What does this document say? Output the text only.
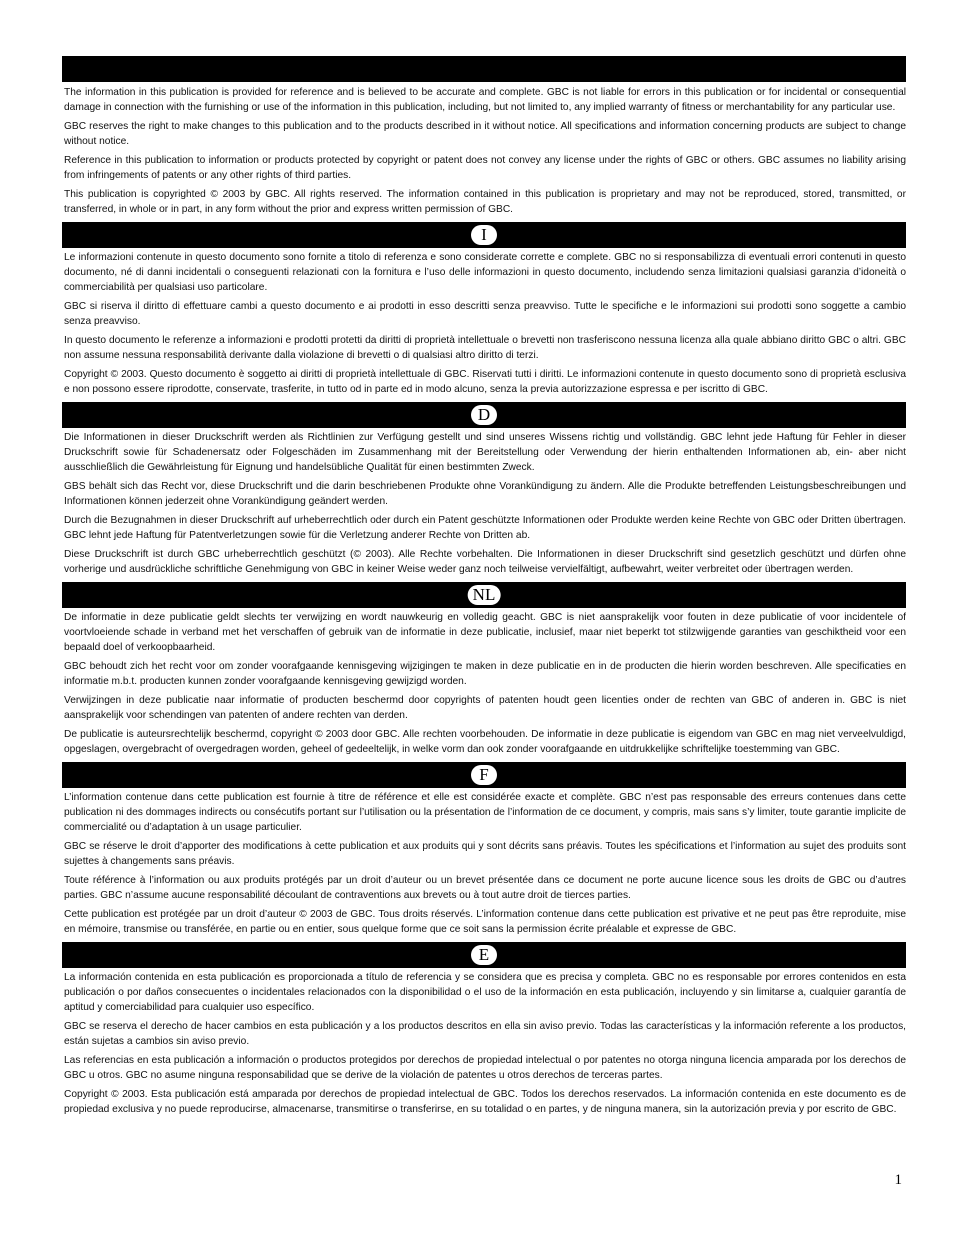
The information in this publication is provided for reference and is believed to be accurate and complete. GBC is not liable for errors in this publication or for incidental or consequential damage in connection with the furnishing or use of the information in this publication, including, but not limited to, any implied warranty of fitness or merchantability for any particular use.

GBC reserves the right to make changes to this publication and to the products described in it without notice. All specifications and information concerning products are subject to change without notice.

Reference in this publication to information or products protected by copyright or patent does not convey any license under the rights of GBC or others. GBC assumes no liability arising from infringements of patents or any other rights of third parties.

This publication is copyrighted © 2003 by GBC. All rights reserved. The information contained in this publication is proprietary and may not be reproduced, stored, transmitted, or transferred, in whole or in part, in any form without the prior and express written permission of GBC.

I

Le informazioni contenute in questo documento sono fornite a titolo di referenza e sono considerate corrette e complete. GBC no si responsabilizza di eventuali errori contenuti in questo documento, né di danni incidentali o conseguenti relazionati con la fornitura e l’uso delle informazioni in questo documento, includendo senza limitazioni qualsiasi garanzia d’idoneità o commerciabilità per qualsiasi uso particolare.

GBC si riserva il diritto di effettuare cambi a questo documento e ai prodotti in esso descritti senza preavviso. Tutte le specifiche e le informazioni sui prodotti sono soggette a cambio senza preavviso.

In questo documento le referenze a informazioni e prodotti protetti da diritti di proprietà intellettuale o brevetti non trasferiscono nessuna licenza alla quale abbiano diritto GBC o altri. GBC non assume nessuna responsabilità derivante dalla violazione di brevetti o di qualsiasi altro diritto di terzi.

Copyright © 2003. Questo documento è soggetto ai diritti di proprietà intellettuale di GBC. Riservati tutti i diritti. Le informazioni contenute in questo documento sono di proprietà esclusiva e non possono essere riprodotte, conservate, trasferite, in tutto od in parte ed in modo alcuno, senza la previa autorizzazione espressa e per iscritto di GBC.

D

Die Informationen in dieser Druckschrift werden als Richtlinien zur Verfügung gestellt und sind unseres Wissens richtig und vollständig. GBC lehnt jede Haftung für Fehler in dieser Druckschrift sowie für Schadenersatz oder Folgeschäden im Zusammenhang mit der Bereitstellung oder Verwendung der hierin enthaltenden Informationen ab, ein- aber nicht ausschließlich die Gewährleistung für Eignung und handelsübliche Qualität für einen bestimmten Zweck.

GBS behält sich das Recht vor, diese Druckschrift und die darin beschriebenen Produkte ohne Vorankündigung zu ändern. Alle die Produkte betreffenden Leistungsbeschreibungen und Informationen können jederzeit ohne Vorankündigung geändert werden.

Durch die Bezugnahmen in dieser Druckschrift auf urheberrechtlich oder durch ein Patent geschützte Informationen oder Produkte werden keine Rechte von GBC oder Dritten übertragen. GBC lehnt jede Haftung für Patentverletzungen sowie für die Verletzung anderer Rechte von Dritten ab.

Diese Druckschrift ist durch GBC urheberrechtlich geschützt (© 2003). Alle Rechte vorbehalten. Die Informationen in dieser Druckschrift sind gesetzlich geschützt und dürfen ohne vorherige und ausdrückliche schriftliche Genehmigung von GBC in keiner Weise weder ganz noch teilweise vervielfältigt, aufbewahrt, weiter verbreitet oder übertragen werden.

NL

De informatie in deze publicatie geldt slechts ter verwijzing en wordt nauwkeurig en volledig geacht. GBC is niet aansprakelijk voor fouten in deze publicatie of voor incidentele of voortvloeiende schade in verband met het verschaffen of gebruik van de informatie in deze publicatie, inclusief, maar niet beperkt tot stilzwijgende garanties van geschiktheid voor een bepaald doel of verkoopbaarheid.

GBC behoudt zich het recht voor om zonder voorafgaande kennisgeving wijzigingen te maken in deze publicatie en in de producten die hierin worden beschreven. Alle specificaties en informatie m.b.t. producten kunnen zonder voorafgaande kennisgeving gewijzigd worden.

Verwijzingen in deze publicatie naar informatie of producten beschermd door copyrights of patenten houdt geen licenties onder de rechten van GBC of anderen in. GBC is niet aansprakelijk voor schendingen van patenten of andere rechten van derden.

De publicatie is auteursrechtelijk beschermd, copyright © 2003 door GBC. Alle rechten voorbehouden. De informatie in deze publicatie is eigendom van GBC en mag niet verveelvuldigd, opgeslagen, overgebracht of overgedragen worden, geheel of gedeeltelijk, in welke vorm dan ook zonder voorafgaande en uitdrukkelijke schriftelijke toestemming van GBC.

F

L’information contenue dans cette publication est fournie à titre de référence et elle est considérée exacte et complète. GBC n’est pas responsable des erreurs contenues dans cette publication ni des dommages indirects ou consécutifs portant sur l’utilisation ou la présentation de l’information de ce document, y compris, mais sans s’y limiter, toute garantie implicite de commercialité ou d’adaptation à un usage particulier.

GBC se réserve le droit d’apporter des modifications à cette publication et aux produits qui y sont décrits sans préavis. Toutes les spécifications et l’information au sujet des produits sont sujettes à changements sans préavis.

Toute référence à l’information ou aux produits protégés par un droit d’auteur ou un brevet présentée dans ce document ne porte aucune licence sous les droits de GBC ou d’autres parties. GBC n’assume aucune responsabilité découlant de contraventions aux brevets ou à tout autre droit de tierces parties.

Cette publication est protégée par un droit d’auteur © 2003 de GBC. Tous droits réservés. L’information contenue dans cette publication est privative et ne peut pas être reproduite, mise en mémoire, transmise ou transférée, en partie ou en entier, sous quelque forme que ce soit sans la permission écrite préalable et expresse de GBC.

E

La información contenida en esta publicación es proporcionada a título de referencia y se considera que es precisa y completa. GBC no es responsable por errores contenidos en esta publicación o por daños consecuentes o incidentales relacionados con la disponibilidad o el uso de la información en esta publicación, incluyendo y sin limitarse a, cualquier garantía de aptitud y comerciabilidad para cualquier uso específico.

GBC se reserva el derecho de hacer cambios en esta publicación y a los productos descritos en ella sin aviso previo. Todas las características y la información referente a los productos, están sujetas a cambios sin aviso previo.

Las referencias en esta publicación a información o productos protegidos por derechos de propiedad intelectual o por patentes no otorga ninguna licencia amparada por los derechos de GBC u otros. GBC no asume ninguna responsabilidad que se derive de la violación de patentes u otros derechos de terceras partes.

Copyright © 2003. Esta publicación está amparada por derechos de propiedad intelectual de GBC. Todos los derechos reservados. La información contenida en este documento es de propiedad exclusiva y no puede reproducirse, almacenarse, transmitirse o transferirse, en su totalidad o en partes, y de ninguna manera, sin la autorización previa y por escrito de GBC.

1
